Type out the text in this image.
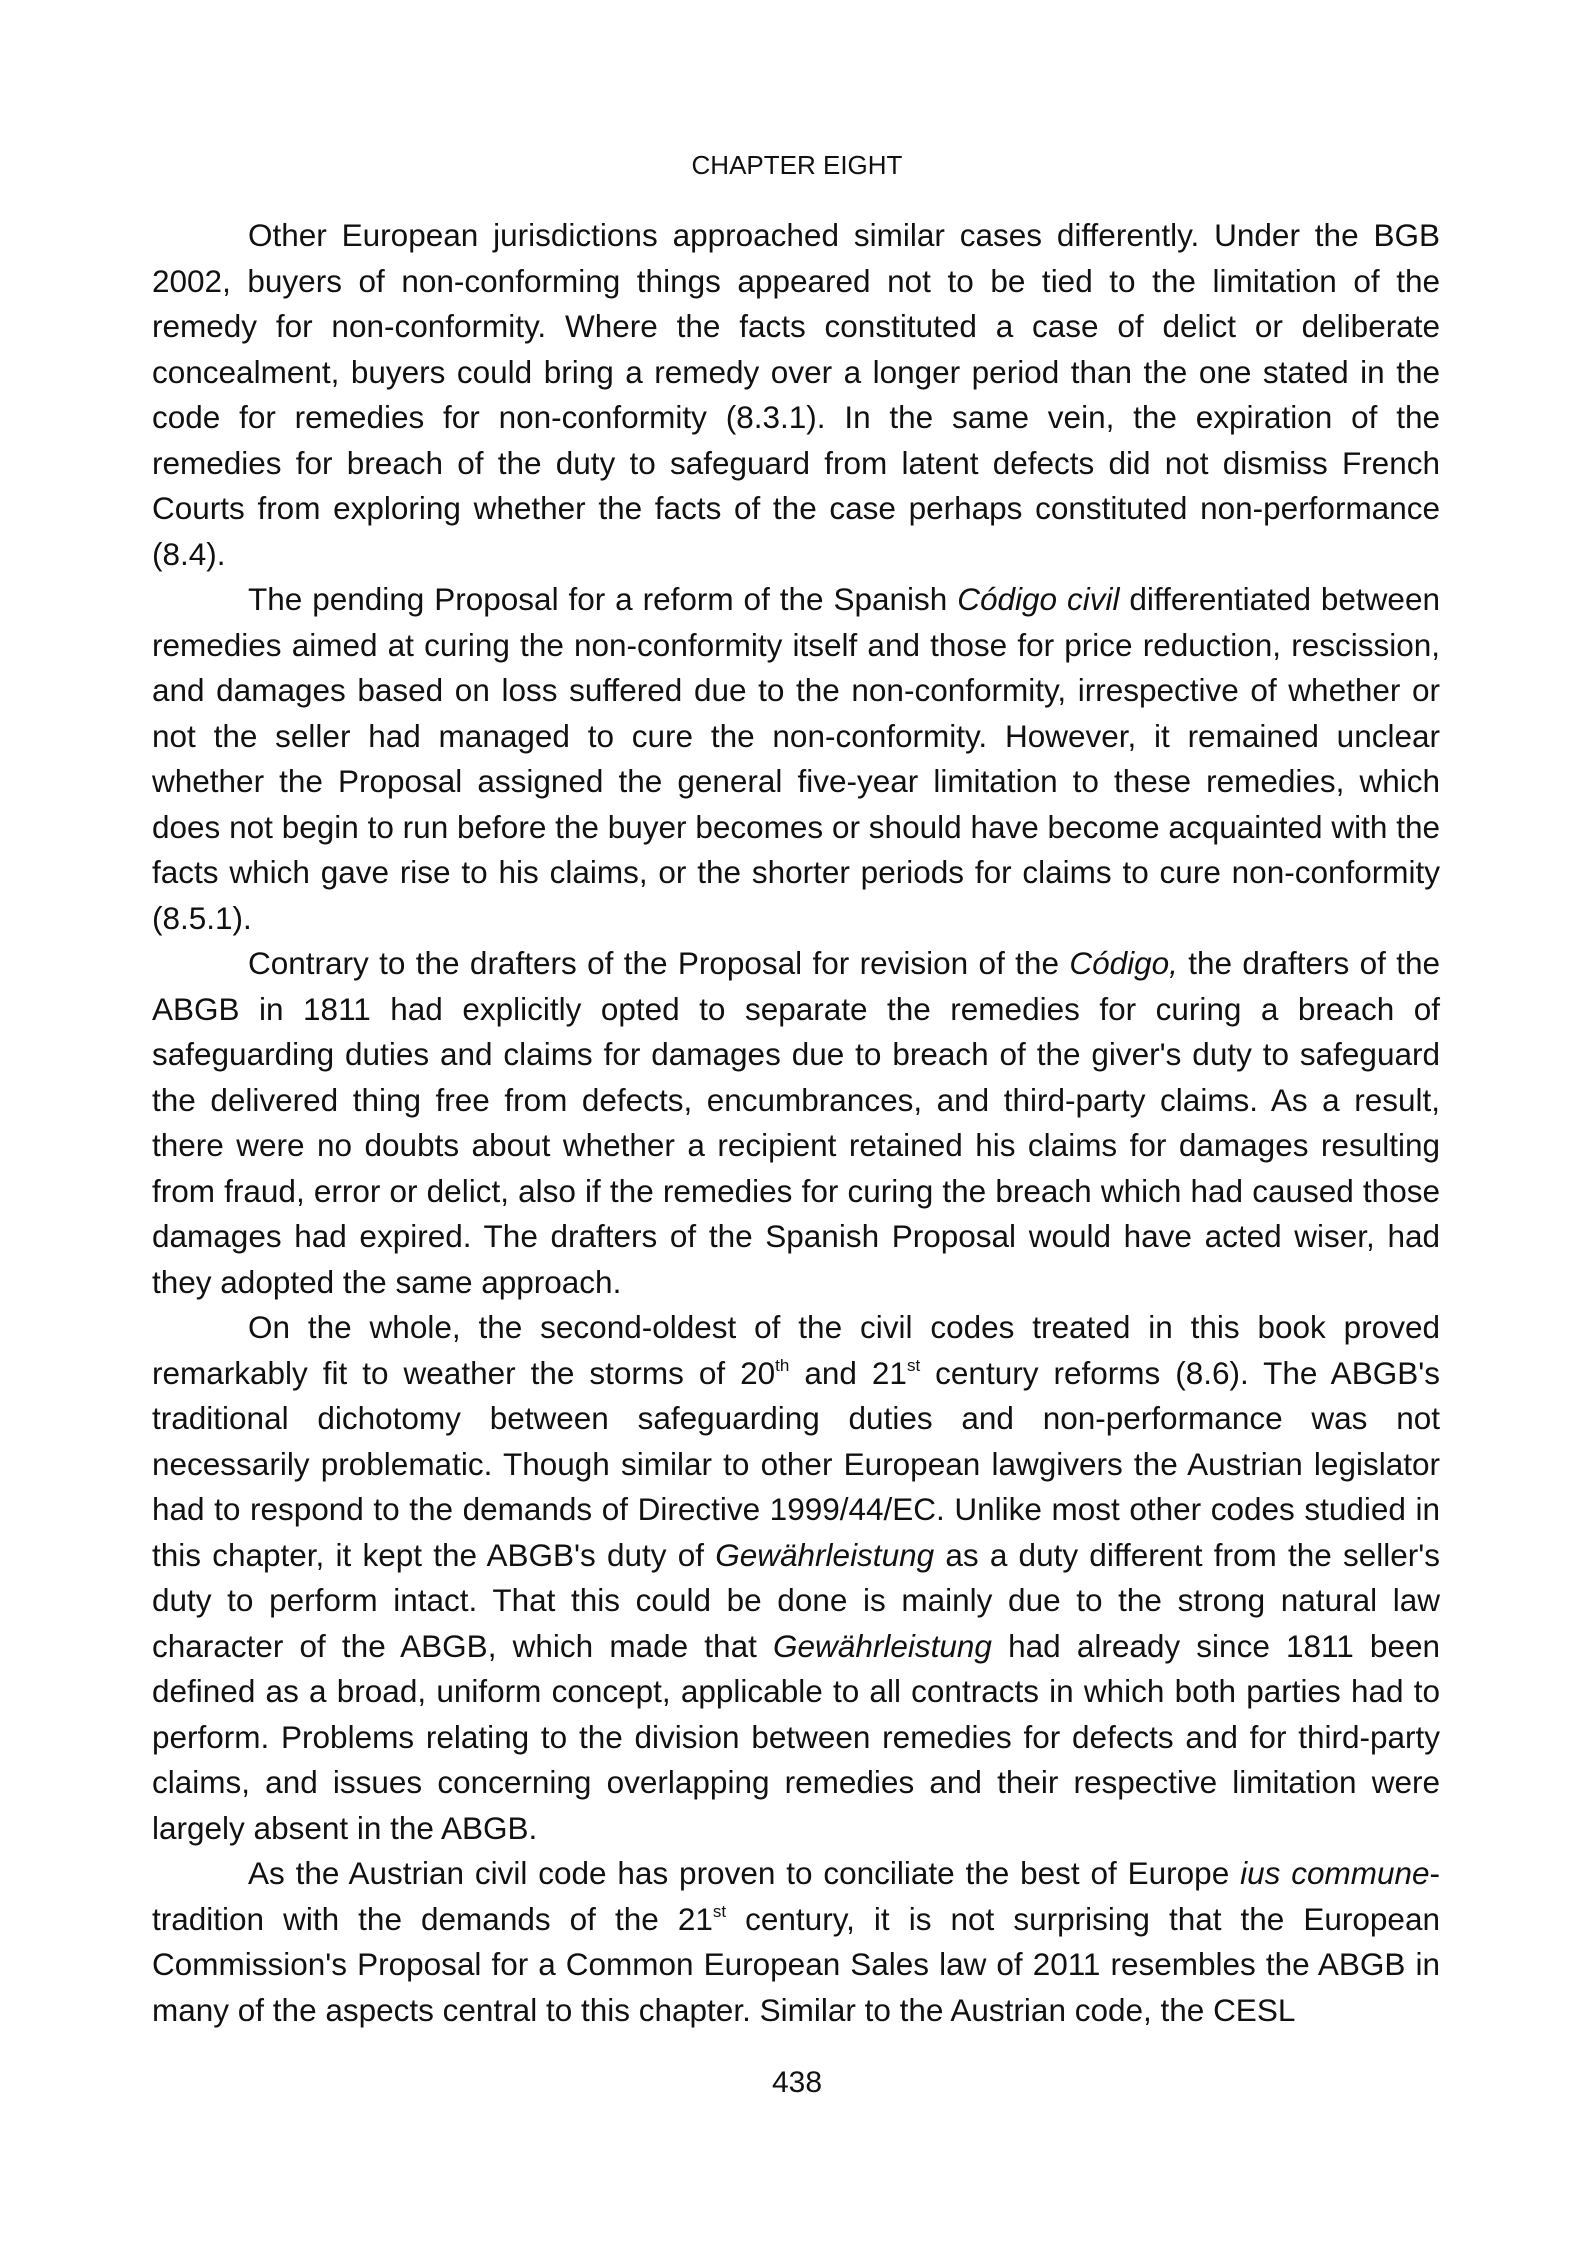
CHAPTER EIGHT

Other European jurisdictions approached similar cases differently. Under the BGB 2002, buyers of non-conforming things appeared not to be tied to the limitation of the remedy for non-conformity. Where the facts constituted a case of delict or deliberate concealment, buyers could bring a remedy over a longer period than the one stated in the code for remedies for non-conformity (8.3.1). In the same vein, the expiration of the remedies for breach of the duty to safeguard from latent defects did not dismiss French Courts from exploring whether the facts of the case perhaps constituted non-performance (8.4).

The pending Proposal for a reform of the Spanish Código civil differentiated between remedies aimed at curing the non-conformity itself and those for price reduction, rescission, and damages based on loss suffered due to the non-conformity, irrespective of whether or not the seller had managed to cure the non-conformity. However, it remained unclear whether the Proposal assigned the general five-year limitation to these remedies, which does not begin to run before the buyer becomes or should have become acquainted with the facts which gave rise to his claims, or the shorter periods for claims to cure non-conformity (8.5.1).

Contrary to the drafters of the Proposal for revision of the Código, the drafters of the ABGB in 1811 had explicitly opted to separate the remedies for curing a breach of safeguarding duties and claims for damages due to breach of the giver's duty to safeguard the delivered thing free from defects, encumbrances, and third-party claims. As a result, there were no doubts about whether a recipient retained his claims for damages resulting from fraud, error or delict, also if the remedies for curing the breach which had caused those damages had expired. The drafters of the Spanish Proposal would have acted wiser, had they adopted the same approach.

On the whole, the second-oldest of the civil codes treated in this book proved remarkably fit to weather the storms of 20th and 21st century reforms (8.6). The ABGB's traditional dichotomy between safeguarding duties and non-performance was not necessarily problematic. Though similar to other European lawgivers the Austrian legislator had to respond to the demands of Directive 1999/44/EC. Unlike most other codes studied in this chapter, it kept the ABGB's duty of Gewährleistung as a duty different from the seller's duty to perform intact. That this could be done is mainly due to the strong natural law character of the ABGB, which made that Gewährleistung had already since 1811 been defined as a broad, uniform concept, applicable to all contracts in which both parties had to perform. Problems relating to the division between remedies for defects and for third-party claims, and issues concerning overlapping remedies and their respective limitation were largely absent in the ABGB.

As the Austrian civil code has proven to conciliate the best of Europe ius commune-tradition with the demands of the 21st century, it is not surprising that the European Commission's Proposal for a Common European Sales law of 2011 resembles the ABGB in many of the aspects central to this chapter. Similar to the Austrian code, the CESL

438
